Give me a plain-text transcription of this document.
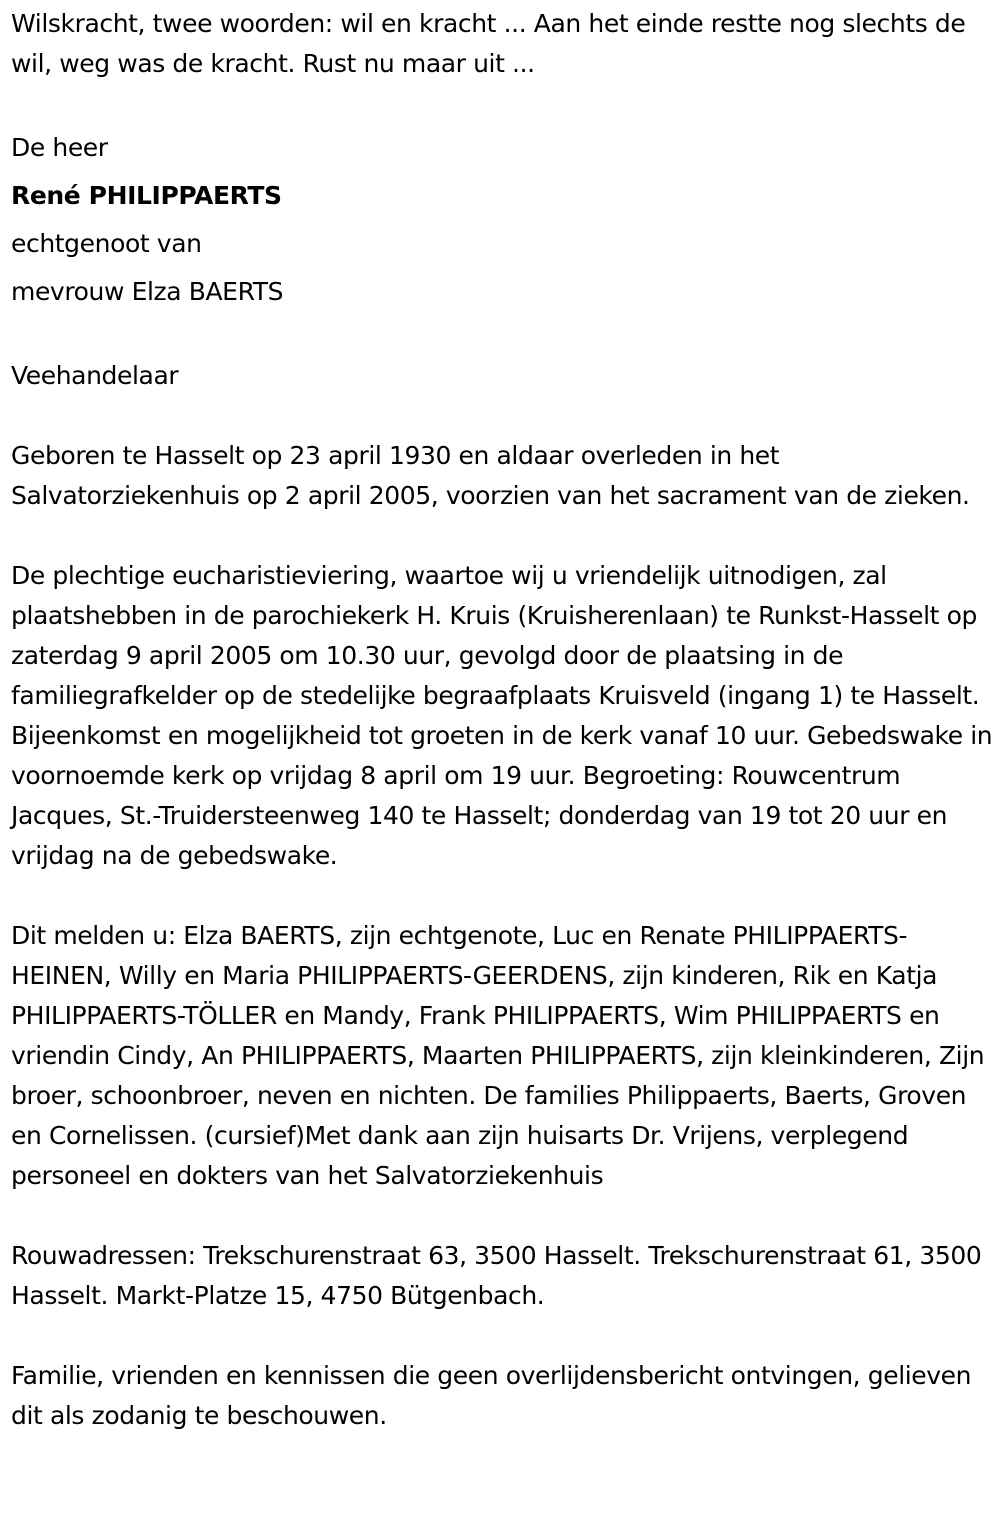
Wilskracht, twee woorden: wil en kracht ... Aan het einde restte nog slechts de wil, weg was de kracht. Rust nu maar uit ...

De heer

René PHILIPPAERTS

echtgenoot van

mevrouw Elza BAERTS

Veehandelaar

Geboren te Hasselt op 23 april 1930 en aldaar overleden in het Salvatorziekenhuis op 2 april 2005, voorzien van het sacrament van de zieken.

De plechtige eucharistieviering, waartoe wij u vriendelijk uitnodigen, zal plaatshebben in de parochiekerk H. Kruis (Kruisherenlaan) te Runkst-Hasselt op zaterdag 9 april 2005 om 10.30 uur, gevolgd door de plaatsing in de familiegrafkelder op de stedelijke begraafplaats Kruisveld (ingang 1) te Hasselt. Bijeenkomst en mogelijkheid tot groeten in de kerk vanaf 10 uur. Gebedswake in voornoemde kerk op vrijdag 8 april om 19 uur. Begroeting: Rouwcentrum Jacques, St.-Truidersteenweg 140 te Hasselt; donderdag van 19 tot 20 uur en vrijdag na de gebedswake.

Dit melden u: Elza BAERTS, zijn echtgenote, Luc en Renate PHILIPPAERTS-HEINEN, Willy en Maria PHILIPPAERTS-GEERDENS, zijn kinderen, Rik en Katja PHILIPPAERTS-TÖLLER en Mandy, Frank PHILIPPAERTS, Wim PHILIPPAERTS en vriendin Cindy, An PHILIPPAERTS, Maarten PHILIPPAERTS, zijn kleinkinderen, Zijn broer, schoonbroer, neven en nichten. De families Philippaerts, Baerts, Groven en Cornelissen. (cursief)Met dank aan zijn huisarts Dr. Vrijens, verplegend personeel en dokters van het Salvatorziekenhuis

Rouwadressen: Trekschurenstraat 63, 3500 Hasselt. Trekschurenstraat 61, 3500 Hasselt. Markt-Platze 15, 4750 Bütgenbach.

Familie, vrienden en kennissen die geen overlijdensbericht ontvingen, gelieven dit als zodanig te beschouwen.
